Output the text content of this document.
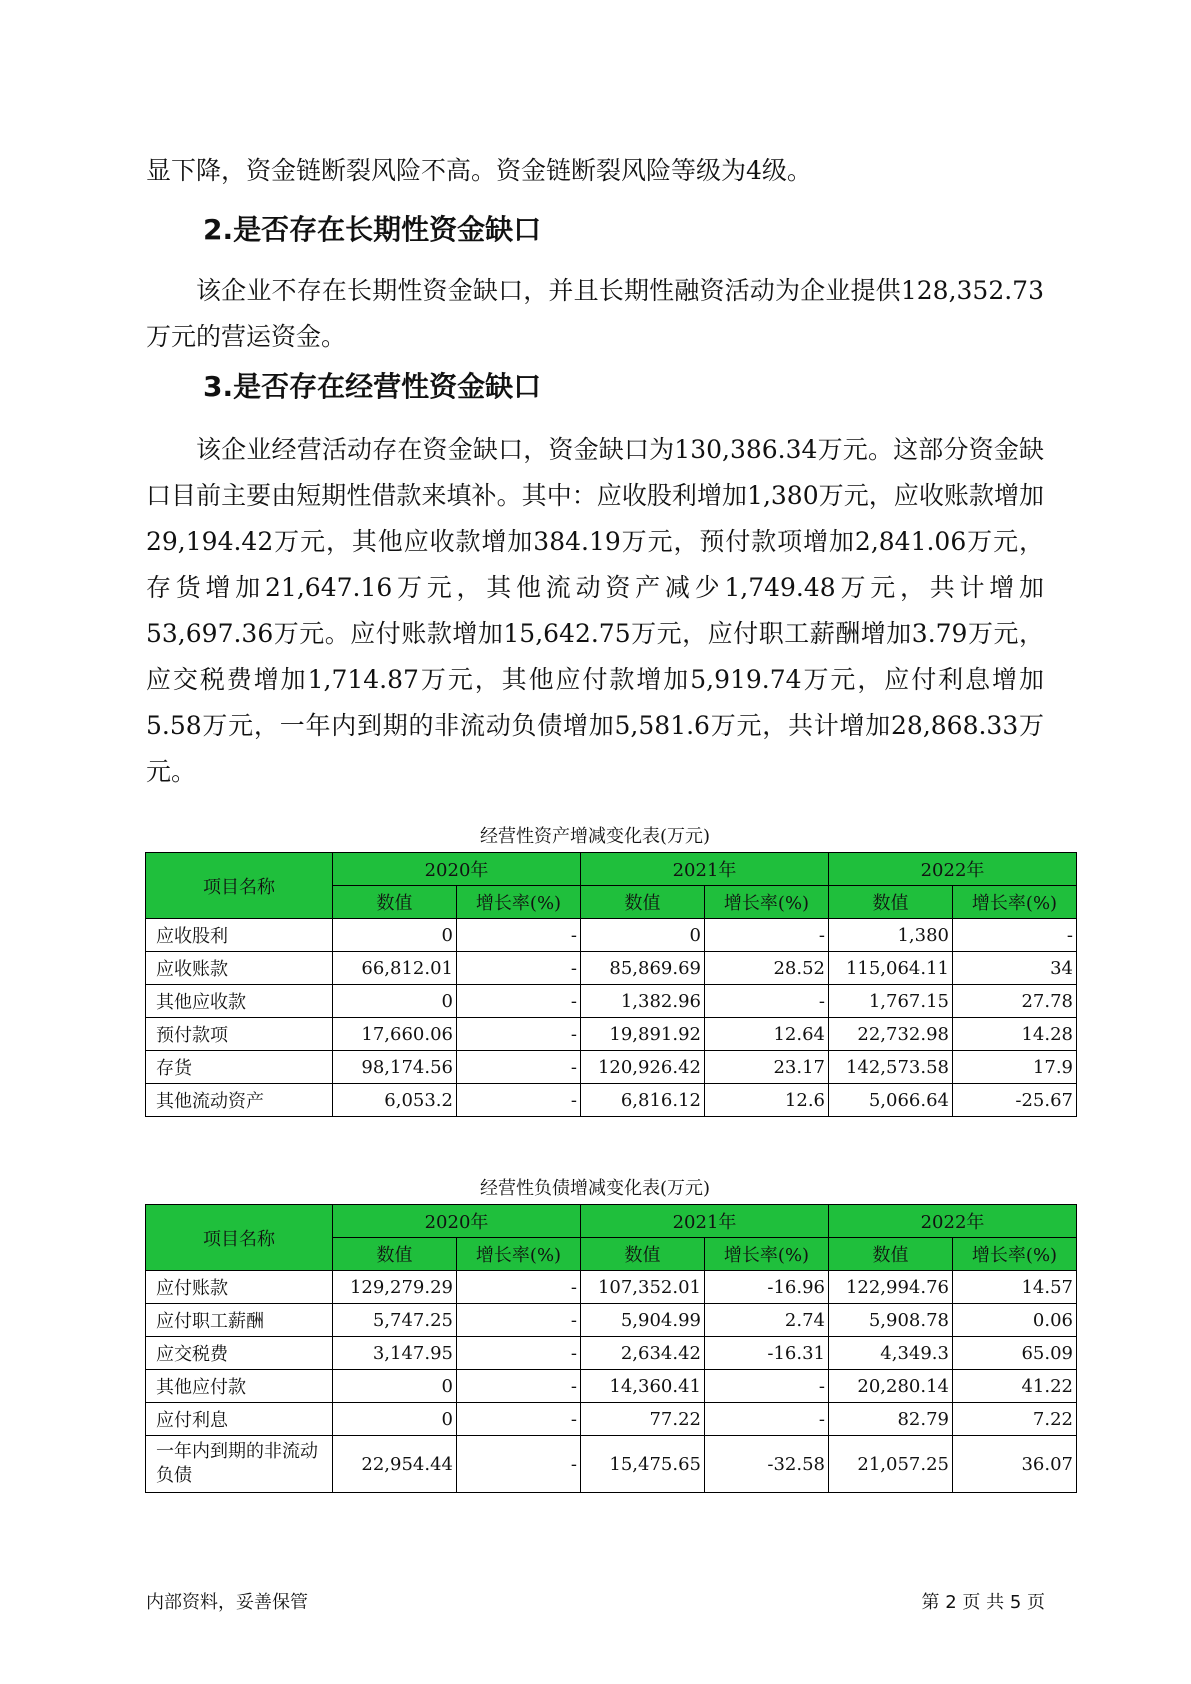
显下降，资金链断裂风险不高。资金链断裂风险等级为4级。

2.是否存在长期性资金缺口

该企业不存在长期性资金缺口，并且长期性融资活动为企业提供128,352.73万元的营运资金。

3.是否存在经营性资金缺口

该企业经营活动存在资金缺口，资金缺口为130,386.34万元。这部分资金缺口目前主要由短期性借款来填补。其中：应收股利增加1,380万元，应收账款增加29,194.42万元，其他应收款增加384.19万元，预付款项增加2,841.06万元，存货增加21,647.16万元，其他流动资产减少1,749.48万元，共计增加53,697.36万元。应付账款增加15,642.75万元，应付职工薪酬增加3.79万元，应交税费增加1,714.87万元，其他应付款增加5,919.74万元，应付利息增加5.58万元，一年内到期的非流动负债增加5,581.6万元，共计增加28,868.33万元。

经营性资产增减变化表(万元)

项目名称	2020年		2021年		2022年	
	数值	增长率(%)	数值	增长率(%)	数值	增长率(%)
应收股利	0	-	0	-	1,380	-
应收账款	66,812.01	-	85,869.69	28.52	115,064.11	34
其他应收款	0	-	1,382.96	-	1,767.15	27.78
预付款项	17,660.06	-	19,891.92	12.64	22,732.98	14.28
存货	98,174.56	-	120,926.42	23.17	142,573.58	17.9
其他流动资产	6,053.2	-	6,816.12	12.6	5,066.64	-25.67

经营性负债增减变化表(万元)

项目名称	2020年		2021年		2022年	
	数值	增长率(%)	数值	增长率(%)	数值	增长率(%)
应付账款	129,279.29	-	107,352.01	-16.96	122,994.76	14.57
应付职工薪酬	5,747.25	-	5,904.99	2.74	5,908.78	0.06
应交税费	3,147.95	-	2,634.42	-16.31	4,349.3	65.09
其他应付款	0	-	14,360.41	-	20,280.14	41.22
应付利息	0	-	77.22	-	82.79	7.22
一年内到期的非流动负债	22,954.44	-	15,475.65	-32.58	21,057.25	36.07
内部资料，妥善保管	第 2 页 共 5 页
